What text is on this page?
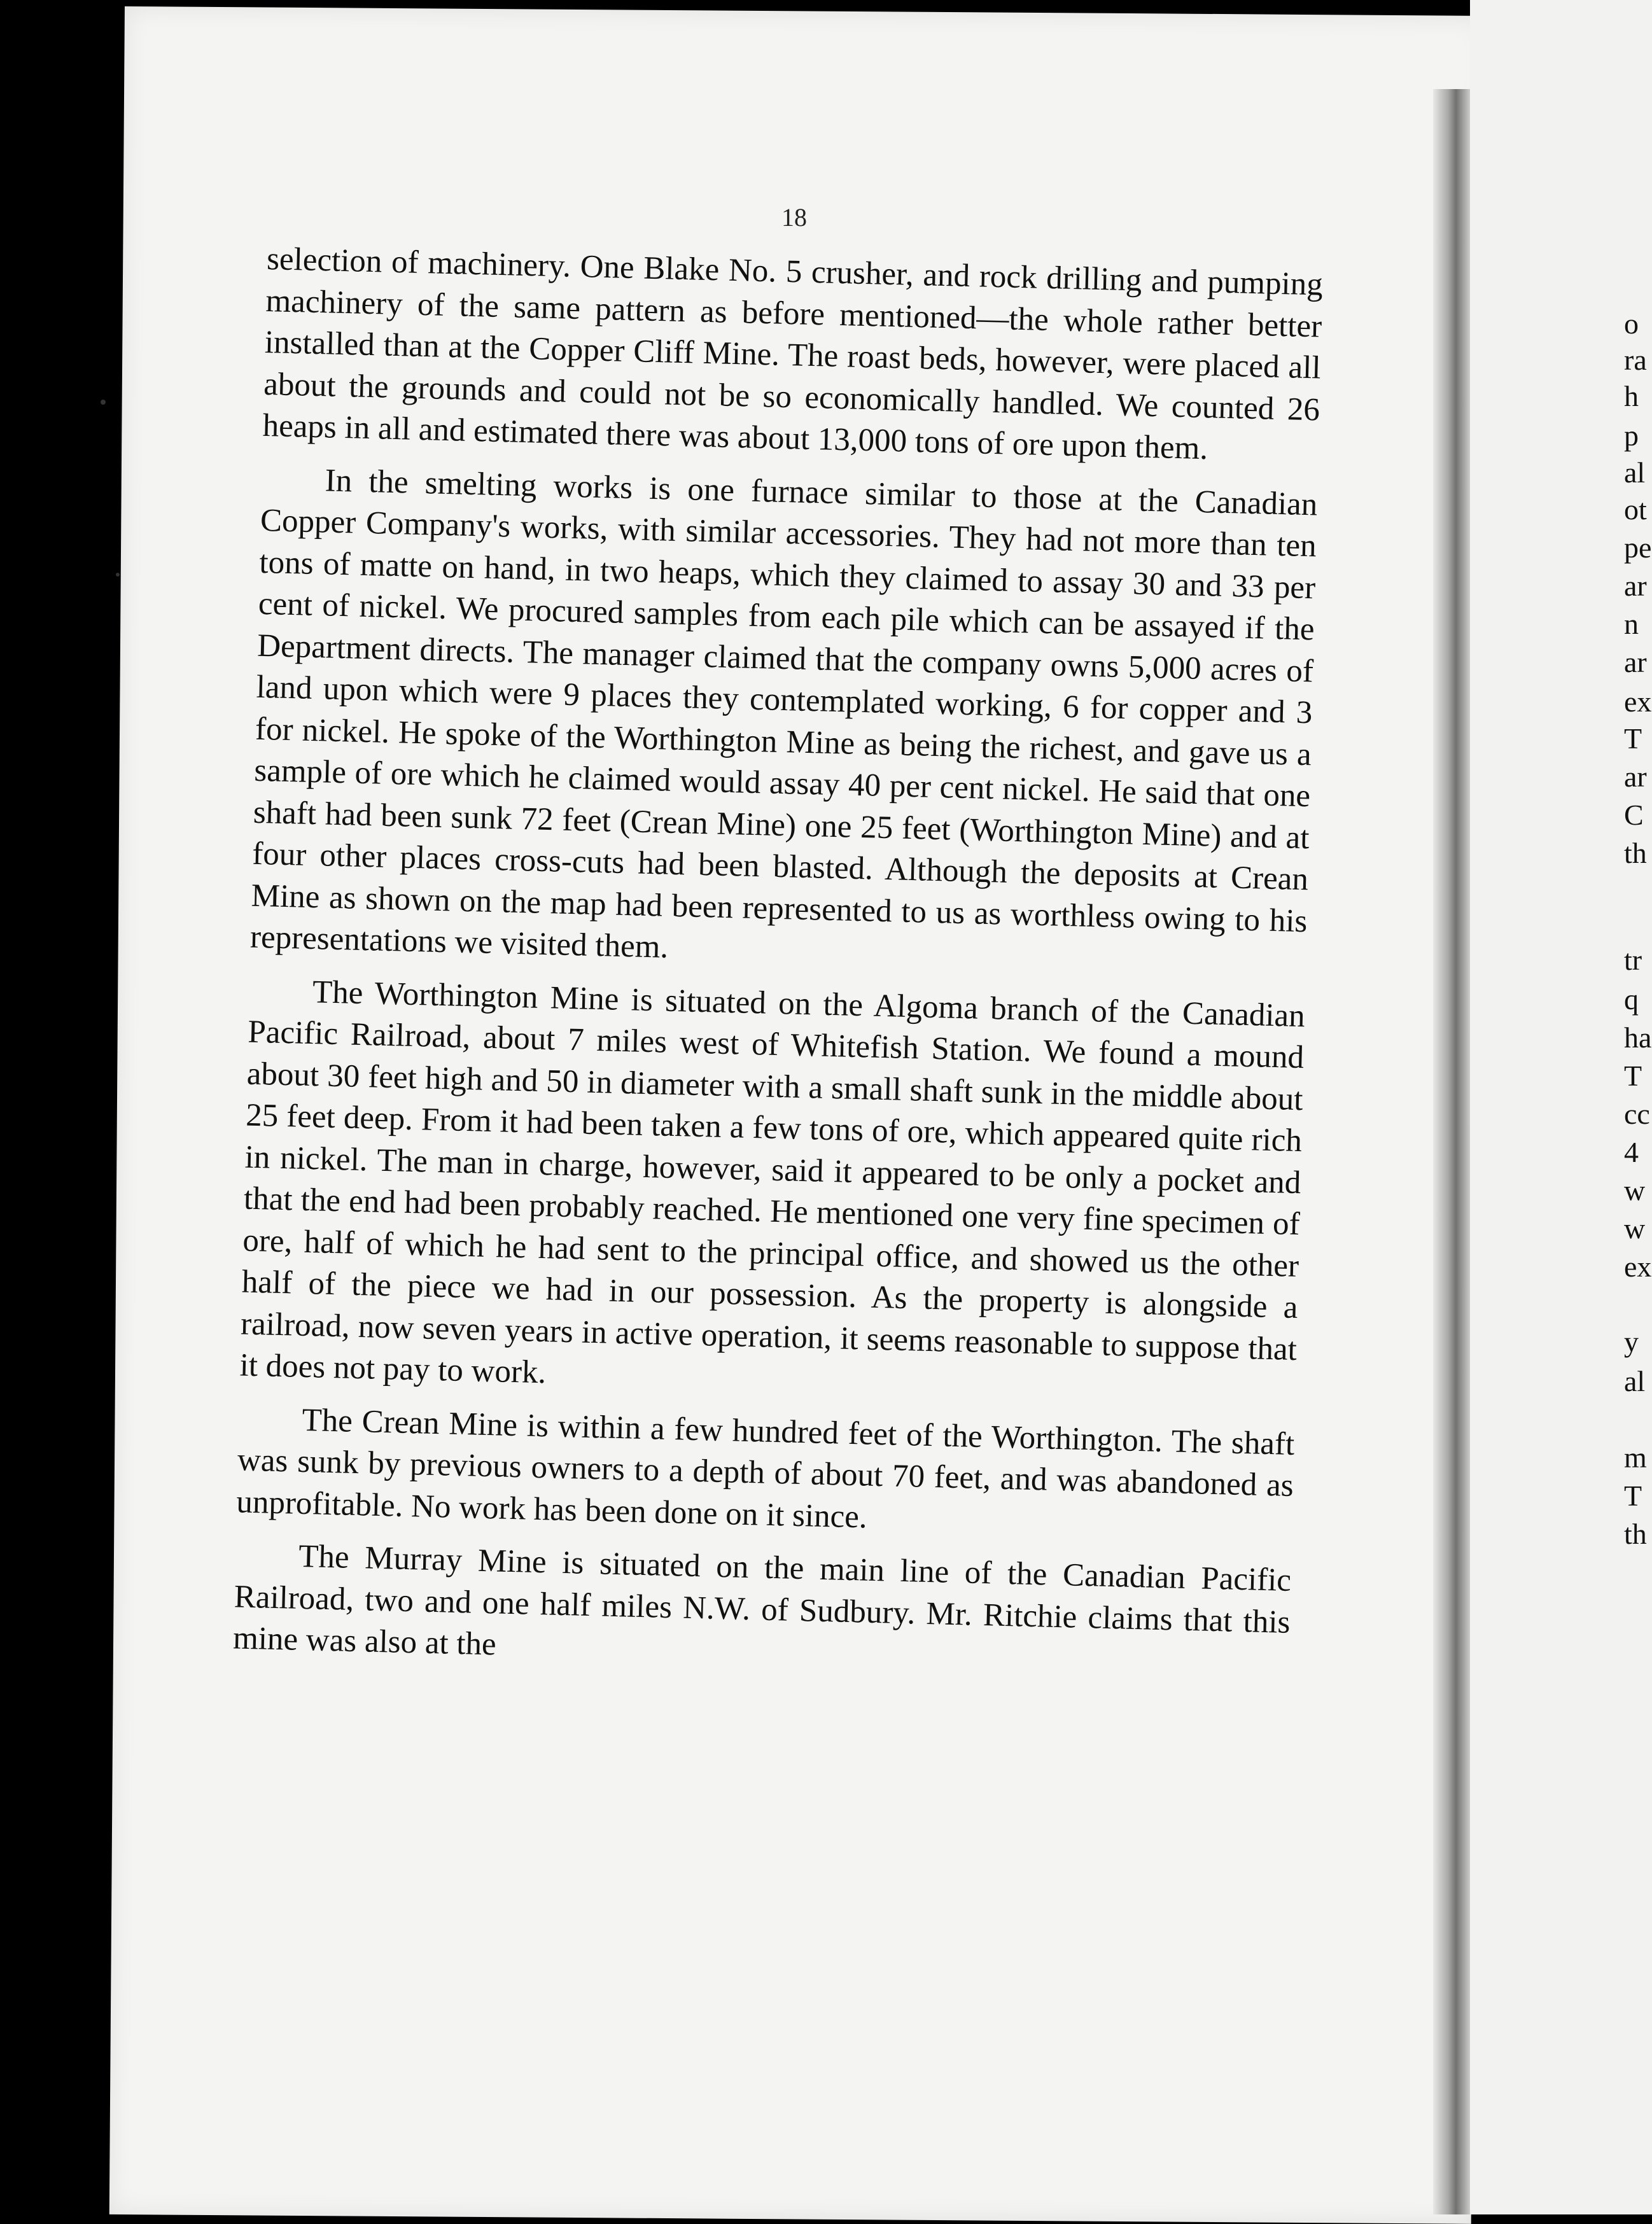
18

selection of machinery. One Blake No. 5 crusher, and rock drilling and pumping machinery of the same pattern as before mentioned—the whole rather better installed than at the Copper Cliff Mine. The roast beds, however, were placed all about the grounds and could not be so economically handled. We counted 26 heaps in all and estimated there was about 13,000 tons of ore upon them.

In the smelting works is one furnace similar to those at the Canadian Copper Company's works, with similar accessories. They had not more than ten tons of matte on hand, in two heaps, which they claimed to assay 30 and 33 per cent of nickel. We procured samples from each pile which can be assayed if the Department directs. The manager claimed that the company owns 5,000 acres of land upon which were 9 places they contemplated working, 6 for copper and 3 for nickel. He spoke of the Worthington Mine as being the richest, and gave us a sample of ore which he claimed would assay 40 per cent nickel. He said that one shaft had been sunk 72 feet (Crean Mine) one 25 feet (Worthington Mine) and at four other places cross-cuts had been blasted. Although the deposits at Crean Mine as shown on the map had been represented to us as worthless owing to his representations we visited them.

The Worthington Mine is situated on the Algoma branch of the Canadian Pacific Railroad, about 7 miles west of Whitefish Station. We found a mound about 30 feet high and 50 in diameter with a small shaft sunk in the middle about 25 feet deep. From it had been taken a few tons of ore, which appeared quite rich in nickel. The man in charge, however, said it appeared to be only a pocket and that the end had been probably reached. He mentioned one very fine specimen of ore, half of which he had sent to the principal office, and showed us the other half of the piece we had in our possession. As the property is alongside a railroad, now seven years in active operation, it seems reasonable to suppose that it does not pay to work.

The Crean Mine is within a few hundred feet of the Worthington. The shaft was sunk by previous owners to a depth of about 70 feet, and was abandoned as unprofitable. No work has been done on it since.

The Murray Mine is situated on the main line of the Canadian Pacific Railroad, two and one half miles N.W. of Sudbury. Mr. Ritchie claims that this mine was also at the

o
ra
h
p
al
ot
pe
ar
n
ar
ex
T
ar
C
th
tr
q
ha
T
cc
4
w
w
ex
y
al
m
T
th
